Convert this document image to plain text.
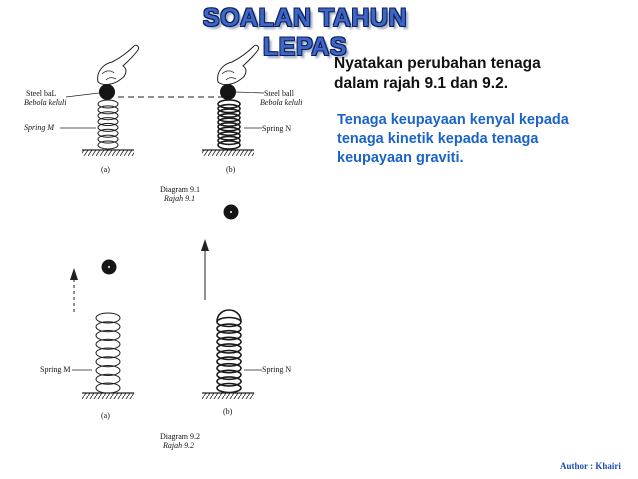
SOALAN TAHUN LEPAS
Nyatakan perubahan tenaga
dalam rajah 9.1 dan 9.2.
Tenaga keupayaan kenyal kepada
tenaga kinetik kepada tenaga
keupayaan graviti.
Steel baL
Bebola keluli
Spring M
(a)
Steel ball
Bebola keluli
Spring N
(b)
Diagram 9.1
Rajah 9.1
Spring M	Spring N
(a)	(b)
Diagram 9.2
Rajah 9.2
Author : Khairi
